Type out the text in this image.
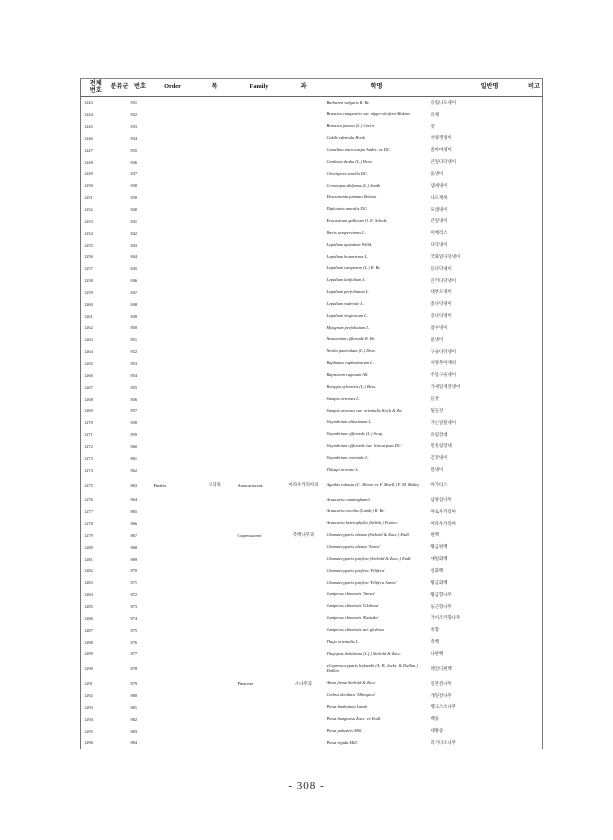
전체
번호	분류군	번호	Order	목	Family	과	학명	일반명	비고
1243		831					Barbarea vulgaris R. Br.	유럽나도냉이	
1244		832					Brassica campestris var. nippo-oleifera Makino	유채	
1245		833					Brassica juncea (L.) Czern.	갓	
1246		834					Cakile edentula Hook.	서양갯냉이	
1247		835					Camelina microcarpa Andrz. ex DC.	좀아마냉이	
1248		836					Cardaria draba (L.) Desv.	큰잎다닥냉이	
1249		837					Chorispora tenella DC.	둘냉이	
1250		838					Coronopus didymus (L.) Smith	냄새냉이	
1251		839					Descurainia pinnata Britton	나도재쑥	
1252		840					Diplotaxis muralis DC.	모래냉이	
1253		841					Erucastrum gallicum O. E. Schulz	큰잎냉이	
1254		842					Iberis sempervirens L.	이베리스	
1255		843					Lepidium apetalum Willd.	다닥냉이	
1256		844					Lepidium bonariense L.	국화잎다닥냉이	
1257		845					Lepidium campestre (L.) R. Br.	들다닥냉이	
1258		846					Lepidium latifolium L.	큰키다닥냉이	
1259		847					Lepidium perfoliatum L.	대부도냉이	
1260		848					Lepidium ruderale L.	좀다닥냉이	
1261		849					Lepidium virginicum L.	콩다닥냉이	
1262		850					Myagrum perfoliatum L.	참수냉이	
1263		851					Nasturtium officinale R. Br.	물냉이	
1264		852					Neslia paniculata (L.) Desv.	구슬다닥냉이	
1265		853					Raphanus raphanistrum L.	서양무아재비	
1266		854					Rapistrum rugosum All.	주름구슬냉이	
1267		855					Rorippa sylvestris (L.) Bess.	가새잎개갓냉이	
1268		856					Sinapis arvensis L.	들갓	
1269		857					Sinapis arvensis var. orientalis Koch & Ziz	털들갓	
1270		858					Sisymbrium altissimum L.	가는잎털냉이	
1271		859					Sisymbrium officinale (L.) Scop.	유럽장대	
1272		860					Sisymbrium officinale var. leiocarpum DC.	민유럽장대	
1273		861					Sisymbrium orientale L.	긴갓냉이	
1274		862					Thlaspi arvense L.	말냉이	
1275		863	Pinales	구과목	Araucariaceae	아라우카리아과	Agathis robusta (C. Moore ex F. Muell.) F. M. Bailey	아가티스	
1276		864					Araucaria cunninghamii	남양삼나무	
1277		865					Araucaria excelsa (Lamb.) R. Br.	아로우카리아	
1278		866					Araucaria heterophylla (Salisb.) Franco	아라우카리아	
1279		867			Cupressaceae	측백나무과	Chamaecyparis obtusa (Siebold & Zucc.) Endl.	편백	
1280		868					Chamaecyparis obtusa 'Aurea'	황금편백	
1281		869					Chamaecyparis pisifera (Siebold & Zucc.) Endl.	새털화백	
1282		870					Chamaecyparis pisifera 'Filifera'	실화백	
1283		871					Chamaecyparis pisifera 'Filifera Aurea'	황금화백	
1284		872					Juniperus chinensis 'Aurea'	황금향나무	
1285		873					Juniperus chinensis 'Globosa'	둥근향나무	
1286		874					Juniperus chinensis 'Kaizuka'	가이즈카향나무	
1287		875					Juniperus chinensis var. globosa	옥향	
1288		876					Thuja orientalis L.	측백	
1289		877					Thujopsis dolabrata (L.f.) Siebold & Zucc.	나한백	
1290		878					xCupressocyparis leylandii (A. B. Jacks. & Dallim.) Dallim.	레일디편백	
1291		879			Pinaceae	소나무과	Abies firma Siebold & Zucc.	일본전나무	
1292		880					Cedrus deodara 'Albospica'	개잎갈나무	
1293		881					Pinus banksiana Lamb.	뱅크스소나무	
1294		882					Pinus bungeana Zucc. ex Endl.	백송	
1295		883					Pinus palustris Mill.	대왕송	
1296		884					Pinus rigida Mill.	리기다소나무	
- 308 -
